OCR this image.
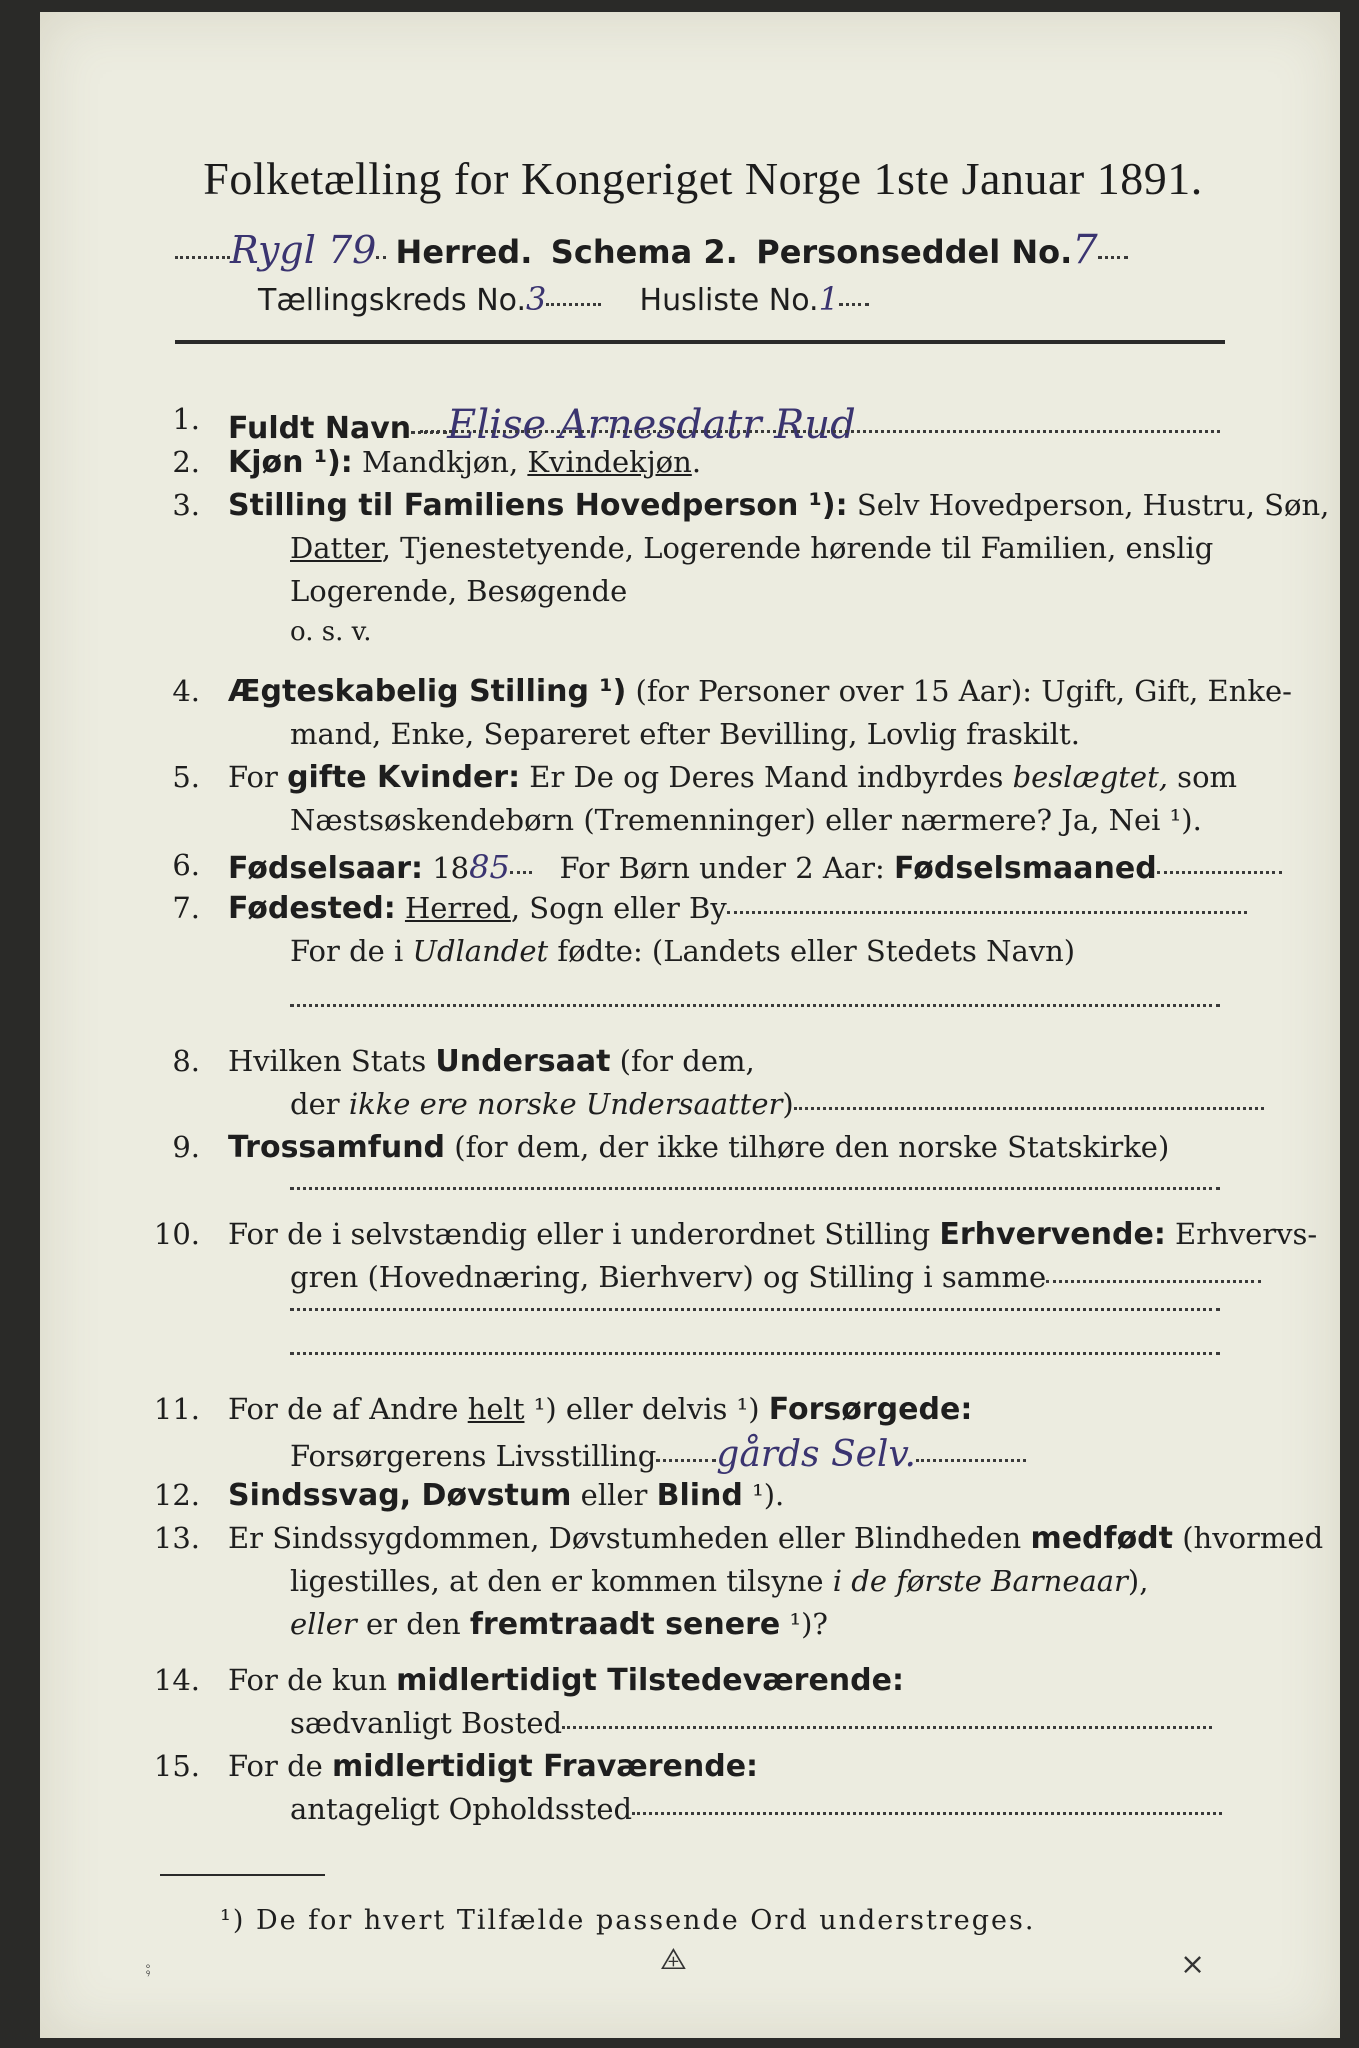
Folketælling for Kongeriget Norge 1ste Januar 1891.
Rygl 79 Herred. Schema 2. Personseddel No.7
Tællingskreds No.3	Husliste No.1
1. Fuldt Navn Elise Arnesdatr Rud
2. Kjøn ¹): Mandkjøn, Kvindekjøn.
3. Stilling til Familiens Hovedperson ¹): Selv Hovedperson, Hustru, Søn,
Datter, Tjenestetyende, Logerende hørende til Familien, enslig
Logerende, Besøgende
o. s. v.
4. Ægteskabelig Stilling ¹) (for Personer over 15 Aar): Ugift, Gift, Enke-
mand, Enke, Separeret efter Bevilling, Lovlig fraskilt.
5. For gifte Kvinder: Er De og Deres Mand indbyrdes beslægtet, som
Næstsøskendebørn (Tremenninger) eller nærmere? Ja, Nei ¹).
6. Fødselsaar: 1885 For Børn under 2 Aar: Fødselsmaaned
7. Fødested: Herred, Sogn eller By
For de i Udlandet fødte: (Landets eller Stedets Navn)
8. Hvilken Stats Undersaat (for dem,
der ikke ere norske Undersaatter)
9. Trossamfund (for dem, der ikke tilhøre den norske Statskirke)
10. For de i selvstændig eller i underordnet Stilling Erhvervende: Erhvervs-
gren (Hovednæring, Bierhverv) og Stilling i samme
11. For de af Andre helt ¹) eller delvis ¹) Forsørgede:
Forsørgerens Livsstilling gårds Selv.
12. Sindssvag, Døvstum eller Blind ¹).
13. Er Sindssygdommen, Døvstumheden eller Blindheden medfødt (hvormed
ligestilles, at den er kommen tilsyne i de første Barneaar),
eller er den fremtraadt senere ¹)?
14. For de kun midlertidigt Tilstedeværende:
sædvanligt Bosted
15. For de midlertidigt Fraværende:
antageligt Opholdssted
¹) De for hvert Tilfælde passende Ord understreges.
⨾	⨹	⨯
